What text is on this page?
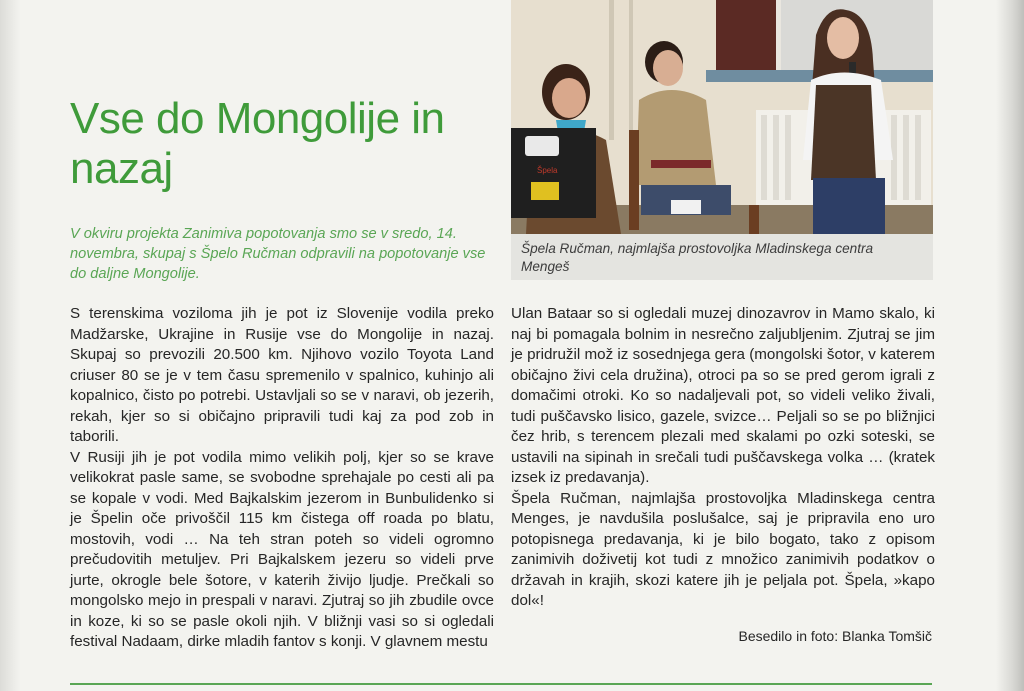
Vse do Mongolije in nazaj
V okviru projekta Zanimiva popotovanja smo se v sredo, 14. novembra, skupaj s Špelo Ručman odpravili na popotovanje vse do daljne Mongolije.
Špela
Špela Ručman, najmlajša prostovoljka Mladinskega centra Mengeš

S terenskima voziloma jih je pot iz Slovenije vodila preko Madžarske, Ukrajine in Rusije vse do Mongolije in nazaj. Skupaj so prevozili 20.500 km. Njihovo vozilo Toyota Land criuser 80 se je v tem času spremenilo v spalnico, kuhinjo ali kopalnico, čisto po potrebi. Ustavljali so se v naravi, ob jezerih, rekah, kjer so si običajno pripravili tudi kaj za pod zob in taborili.

V Rusiji jih je pot vodila mimo velikih polj, kjer so se krave velikokrat pasle same, se svobodne sprehajale po cesti ali pa se kopale v vodi. Med Bajkalskim jezerom in Bunbulidenko si je Špelin oče privoščil 115 km čistega off roada po blatu, mostovih, vodi … Na teh stran poteh so videli ogromno prečudovitih metuljev. Pri Bajkalskem jezeru so videli prve jurte, okrogle bele šotore, v katerih živijo ljudje. Prečkali so mongolsko mejo in prespali v naravi. Zjutraj so jih zbudile ovce in koze, ki so se pasle okoli njih. V bližnji vasi so si ogledali festival Nadaam, dirke mladih fantov s konji. V glavnem mestu

Ulan Bataar so si ogledali muzej dinozavrov in Mamo skalo, ki naj bi pomagala bolnim in nesrečno zaljubljenim. Zjutraj se jim je pridružil mož iz sosednjega gera (mongolski šotor, v katerem običajno živi cela družina), otroci pa so se pred gerom igrali z domačimi otroki. Ko so nadaljevali pot, so videli veliko živali, tudi puščavsko lisico, gazele, svizce… Peljali so se po bližnjici čez hrib, s terencem plezali med skalami po ozki soteski, se ustavili na sipinah in srečali tudi puščavskega volka … (kratek izsek iz predavanja).

Špela Ručman, najmlajša prostovoljka Mladinskega centra Menges, je navdušila poslušalce, saj je pripravila eno uro potopisnega predavanja, ki je bilo bogato, tako z opisom zanimivih doživetij kot tudi z množico zanimivih podatkov o državah in krajih, skozi katere jih je peljala pot. Špela, »kapo dol«!

Besedilo in foto: Blanka Tomšič
